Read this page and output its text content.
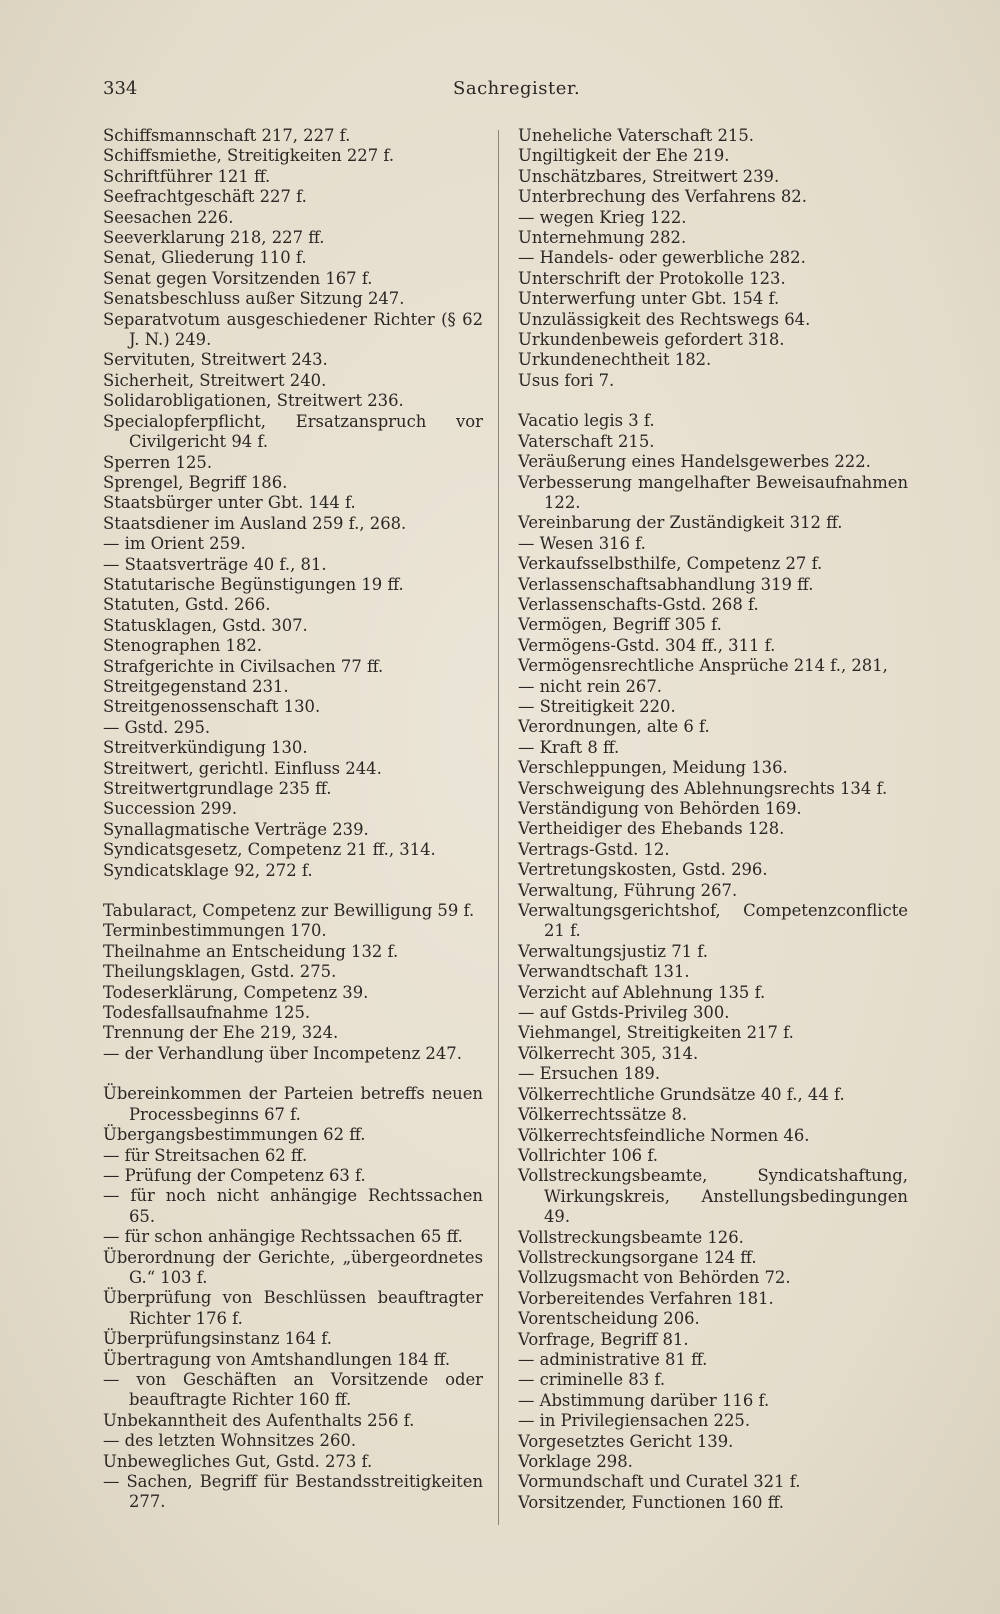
334	Sachregister.
Schiffsmannschaft 217, 227 f.
Schiffsmiethe, Streitigkeiten 227 f.
Schriftführer 121 ff.
Seefrachtgeschäft 227 f.
Seesachen 226.
Seeverklarung 218, 227 ff.
Senat, Gliederung 110 f.
Senat gegen Vorsitzenden 167 f.
Senatsbeschluss außer Sitzung 247.
Separatvotum ausgeschiedener Richter (§ 62 J. N.) 249.
Servituten, Streitwert 243.
Sicherheit, Streitwert 240.
Solidarobligationen, Streitwert 236.
Specialopferpflicht, Ersatzanspruch vor Civilgericht 94 f.
Sperren 125.
Sprengel, Begriff 186.
Staatsbürger unter Gbt. 144 f.
Staatsdiener im Ausland 259 f., 268.
— im Orient 259.
— Staatsverträge 40 f., 81.
Statutarische Begünstigungen 19 ff.
Statuten, Gstd. 266.
Statusklagen, Gstd. 307.
Stenographen 182.
Strafgerichte in Civilsachen 77 ff.
Streitgegenstand 231.
Streitgenossenschaft 130.
— Gstd. 295.
Streitverkündigung 130.
Streitwert, gerichtl. Einfluss 244.
Streitwertgrundlage 235 ff.
Succession 299.
Synallagmatische Verträge 239.
Syndicatsgesetz, Competenz 21 ff., 314.
Syndicatsklage 92, 272 f.
Tabularact, Competenz zur Bewilligung 59 f.
Terminbestimmungen 170.
Theilnahme an Entscheidung 132 f.
Theilungsklagen, Gstd. 275.
Todeserklärung, Competenz 39.
Todesfallsaufnahme 125.
Trennung der Ehe 219, 324.
— der Verhandlung über Incompetenz 247.
Übereinkommen der Parteien betreffs neuen Processbeginns 67 f.
Übergangsbestimmungen 62 ff.
— für Streitsachen 62 ff.
— Prüfung der Competenz 63 f.
— für noch nicht anhängige Rechtssachen 65.
— für schon anhängige Rechtssachen 65 ff.
Überordnung der Gerichte, „übergeordnetes G.“ 103 f.
Überprüfung von Beschlüssen beauftragter Richter 176 f.
Überprüfungsinstanz 164 f.
Übertragung von Amtshandlungen 184 ff.
— von Geschäften an Vorsitzende oder beauftragte Richter 160 ff.
Unbekanntheit des Aufenthalts 256 f.
— des letzten Wohnsitzes 260.
Unbewegliches Gut, Gstd. 273 f.
— Sachen, Begriff für Bestandsstreitigkeiten 277.
Uneheliche Vaterschaft 215.
Ungiltigkeit der Ehe 219.
Unschätzbares, Streitwert 239.
Unterbrechung des Verfahrens 82.
— wegen Krieg 122.
Unternehmung 282.
— Handels- oder gewerbliche 282.
Unterschrift der Protokolle 123.
Unterwerfung unter Gbt. 154 f.
Unzulässigkeit des Rechtswegs 64.
Urkundenbeweis gefordert 318.
Urkundenechtheit 182.
Usus fori 7.
Vacatio legis 3 f.
Vaterschaft 215.
Veräußerung eines Handelsgewerbes 222.
Verbesserung mangelhafter Beweisaufnahmen 122.
Vereinbarung der Zuständigkeit 312 ff.
— Wesen 316 f.
Verkaufsselbsthilfe, Competenz 27 f.
Verlassenschaftsabhandlung 319 ff.
Verlassenschafts-Gstd. 268 f.
Vermögen, Begriff 305 f.
Vermögens-Gstd. 304 ff., 311 f.
Vermögensrechtliche Ansprüche 214 f., 281,
— nicht rein 267.
— Streitigkeit 220.
Verordnungen, alte 6 f.
— Kraft 8 ff.
Verschleppungen, Meidung 136.
Verschweigung des Ablehnungsrechts 134 f.
Verständigung von Behörden 169.
Vertheidiger des Ehebands 128.
Vertrags-Gstd. 12.
Vertretungskosten, Gstd. 296.
Verwaltung, Führung 267.
Verwaltungsgerichtshof, Competenzconflicte 21 f.
Verwaltungsjustiz 71 f.
Verwandtschaft 131.
Verzicht auf Ablehnung 135 f.
— auf Gstds-Privileg 300.
Viehmangel, Streitigkeiten 217 f.
Völkerrecht 305, 314.
— Ersuchen 189.
Völkerrechtliche Grundsätze 40 f., 44 f.
Völkerrechtssätze 8.
Völkerrechtsfeindliche Normen 46.
Vollrichter 106 f.
Vollstreckungsbeamte, Syndicatshaftung, Wirkungskreis, Anstellungsbedingungen 49.
Vollstreckungsbeamte 126.
Vollstreckungsorgane 124 ff.
Vollzugsmacht von Behörden 72.
Vorbereitendes Verfahren 181.
Vorentscheidung 206.
Vorfrage, Begriff 81.
— administrative 81 ff.
— criminelle 83 f.
— Abstimmung darüber 116 f.
— in Privilegiensachen 225.
Vorgesetztes Gericht 139.
Vorklage 298.
Vormundschaft und Curatel 321 f.
Vorsitzender, Functionen 160 ff.
